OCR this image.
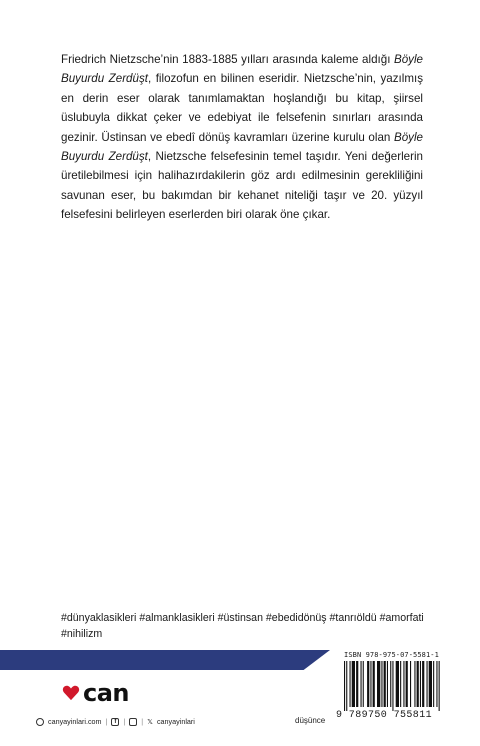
Friedrich Nietzsche’nin 1883-1885 yılları arasında kaleme aldığı Böyle Buyurdu Zerdüşt, filozofun en bilinen eseridir. Nietzsche’nin, yazılmış en derin eser olarak tanımlamaktan hoşlandığı bu kitap, şiirsel üslubuyla dikkat çeker ve edebiyat ile felsefenin sınırları arasında gezinir. Üstinsan ve ebedî dönüş kavramları üzerine kurulu olan Böyle Buyurdu Zerdüşt, Nietzsche felsefesinin temel taşıdır. Yeni değerlerin üretilebilmesi için halihazırdakilerin göz ardı edilmesinin gerekliliğini savunan eser, bu bakımdan bir kehanet niteliği taşır ve 20. yüzyıl felsefesini belirleyen eserlerden biri olarak öne çıkar.

#dünyaklasikleri #almanklasikleri #üstinsan #ebedidönüş #tanrıöldü #amorfati #nihilizm
can
canyayinlari.com |	f | | 𝕏 canyayinlari	düşünce
ISBN 978-975-07-5581-1
9 789750 755811
